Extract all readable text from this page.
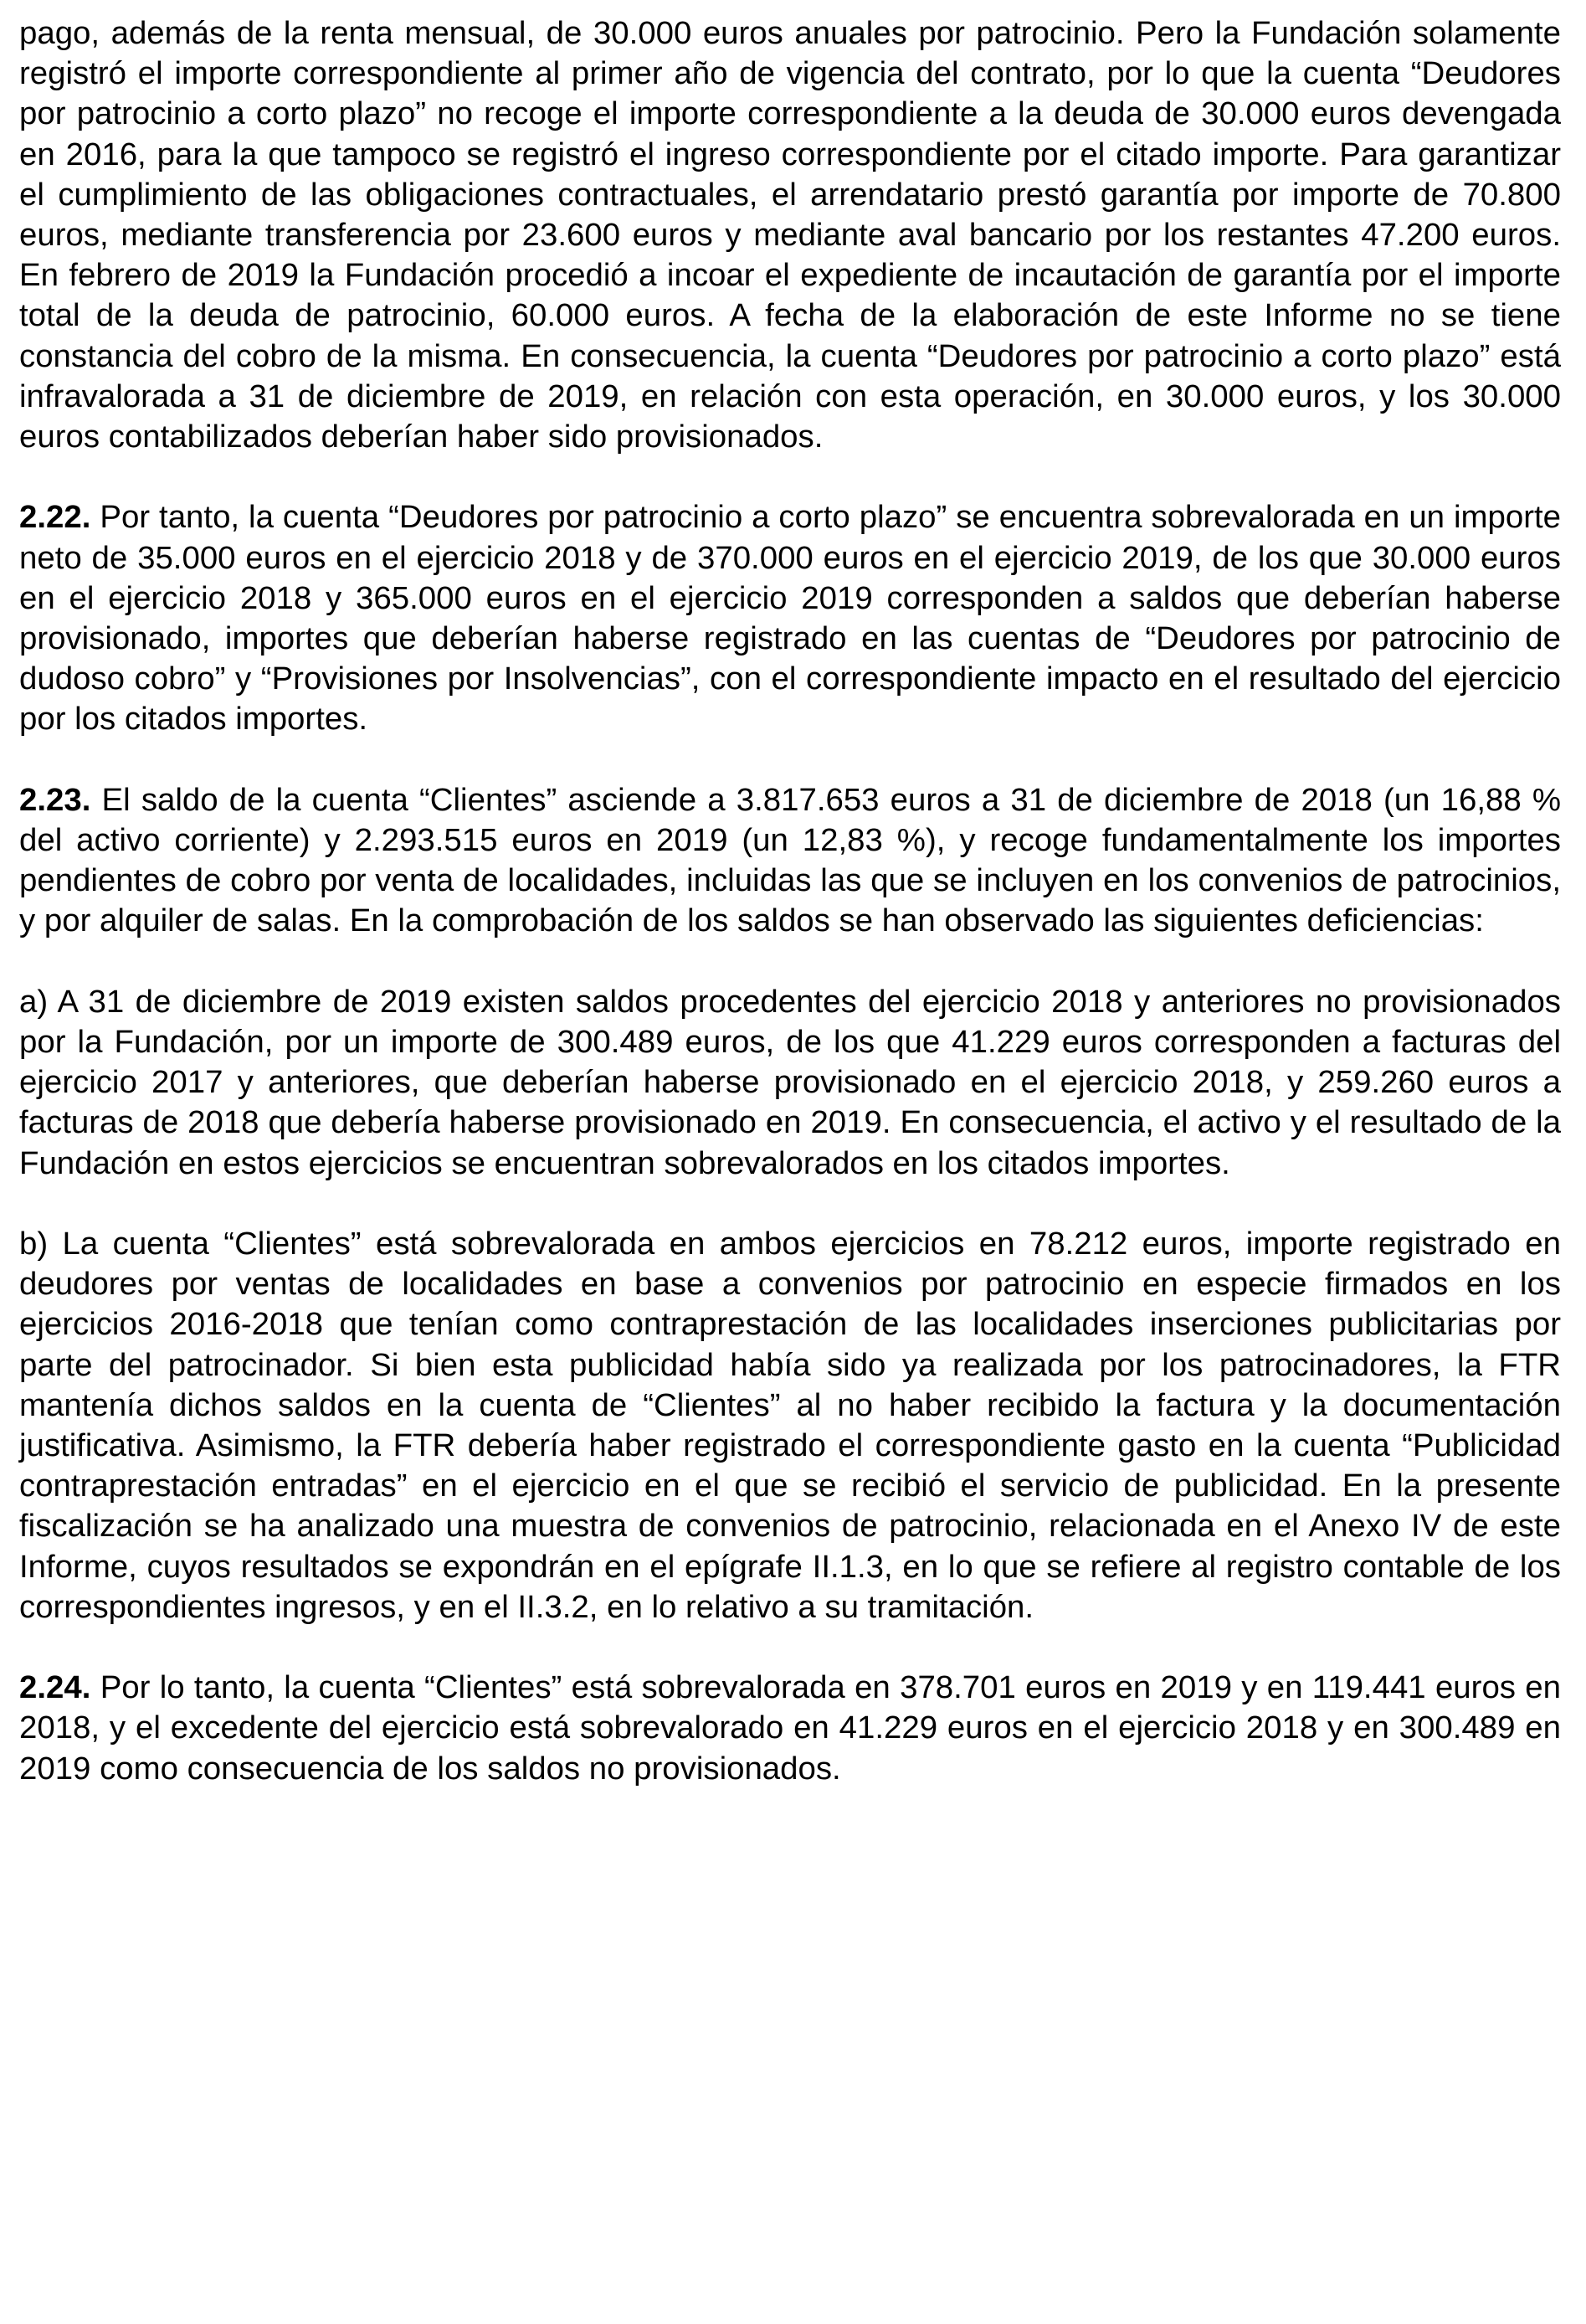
pago, además de la renta mensual, de 30.000 euros anuales por patrocinio. Pero la Fundación solamente registró el importe correspondiente al primer año de vigencia del contrato, por lo que la cuenta “Deudores por patrocinio a corto plazo” no recoge el importe correspondiente a la deuda de 30.000 euros devengada en 2016, para la que tampoco se registró el ingreso correspondiente por el citado importe. Para garantizar el cumplimiento de las obligaciones contractuales, el arrendatario prestó garantía por importe de 70.800 euros, mediante transferencia por 23.600 euros y mediante aval bancario por los restantes 47.200 euros. En febrero de 2019 la Fundación procedió a incoar el expediente de incautación de garantía por el importe total de la deuda de patrocinio, 60.000 euros. A fecha de la elaboración de este Informe no se tiene constancia del cobro de la misma. En consecuencia, la cuenta “Deudores por patrocinio a corto plazo” está infravalorada a 31 de diciembre de 2019, en relación con esta operación, en 30.000 euros, y los 30.000 euros contabilizados deberían haber sido provisionados.

2.22. Por tanto, la cuenta “Deudores por patrocinio a corto plazo” se encuentra sobrevalorada en un importe neto de 35.000 euros en el ejercicio 2018 y de 370.000 euros en el ejercicio 2019, de los que 30.000 euros en el ejercicio 2018 y 365.000 euros en el ejercicio 2019 corresponden a saldos que deberían haberse provisionado, importes que deberían haberse registrado en las cuentas de “Deudores por patrocinio de dudoso cobro” y “Provisiones por Insolvencias”, con el correspondiente impacto en el resultado del ejercicio por los citados importes.

2.23. El saldo de la cuenta “Clientes” asciende a 3.817.653 euros a 31 de diciembre de 2018 (un 16,88 % del activo corriente) y 2.293.515 euros en 2019 (un 12,83 %), y recoge fundamentalmente los importes pendientes de cobro por venta de localidades, incluidas las que se incluyen en los convenios de patrocinios, y por alquiler de salas. En la comprobación de los saldos se han observado las siguientes deficiencias:

a) A 31 de diciembre de 2019 existen saldos procedentes del ejercicio 2018 y anteriores no provisionados por la Fundación, por un importe de 300.489 euros, de los que 41.229 euros corresponden a facturas del ejercicio 2017 y anteriores, que deberían haberse provisionado en el ejercicio 2018, y 259.260 euros a facturas de 2018 que debería haberse provisionado en 2019. En consecuencia, el activo y el resultado de la Fundación en estos ejercicios se encuentran sobrevalorados en los citados importes.

b) La cuenta “Clientes” está sobrevalorada en ambos ejercicios en 78.212 euros, importe registrado en deudores por ventas de localidades en base a convenios por patrocinio en especie firmados en los ejercicios 2016-2018 que tenían como contraprestación de las localidades inserciones publicitarias por parte del patrocinador. Si bien esta publicidad había sido ya realizada por los patrocinadores, la FTR mantenía dichos saldos en la cuenta de “Clientes” al no haber recibido la factura y la documentación justificativa. Asimismo, la FTR debería haber registrado el correspondiente gasto en la cuenta “Publicidad contraprestación entradas” en el ejercicio en el que se recibió el servicio de publicidad. En la presente fiscalización se ha analizado una muestra de convenios de patrocinio, relacionada en el Anexo IV de este Informe, cuyos resultados se expondrán en el epígrafe II.1.3, en lo que se refiere al registro contable de los correspondientes ingresos, y en el II.3.2, en lo relativo a su tramitación.

2.24. Por lo tanto, la cuenta “Clientes” está sobrevalorada en 378.701 euros en 2019 y en 119.441 euros en 2018, y el excedente del ejercicio está sobrevalorado en 41.229 euros en el ejercicio 2018 y en 300.489 en 2019 como consecuencia de los saldos no provisionados.
